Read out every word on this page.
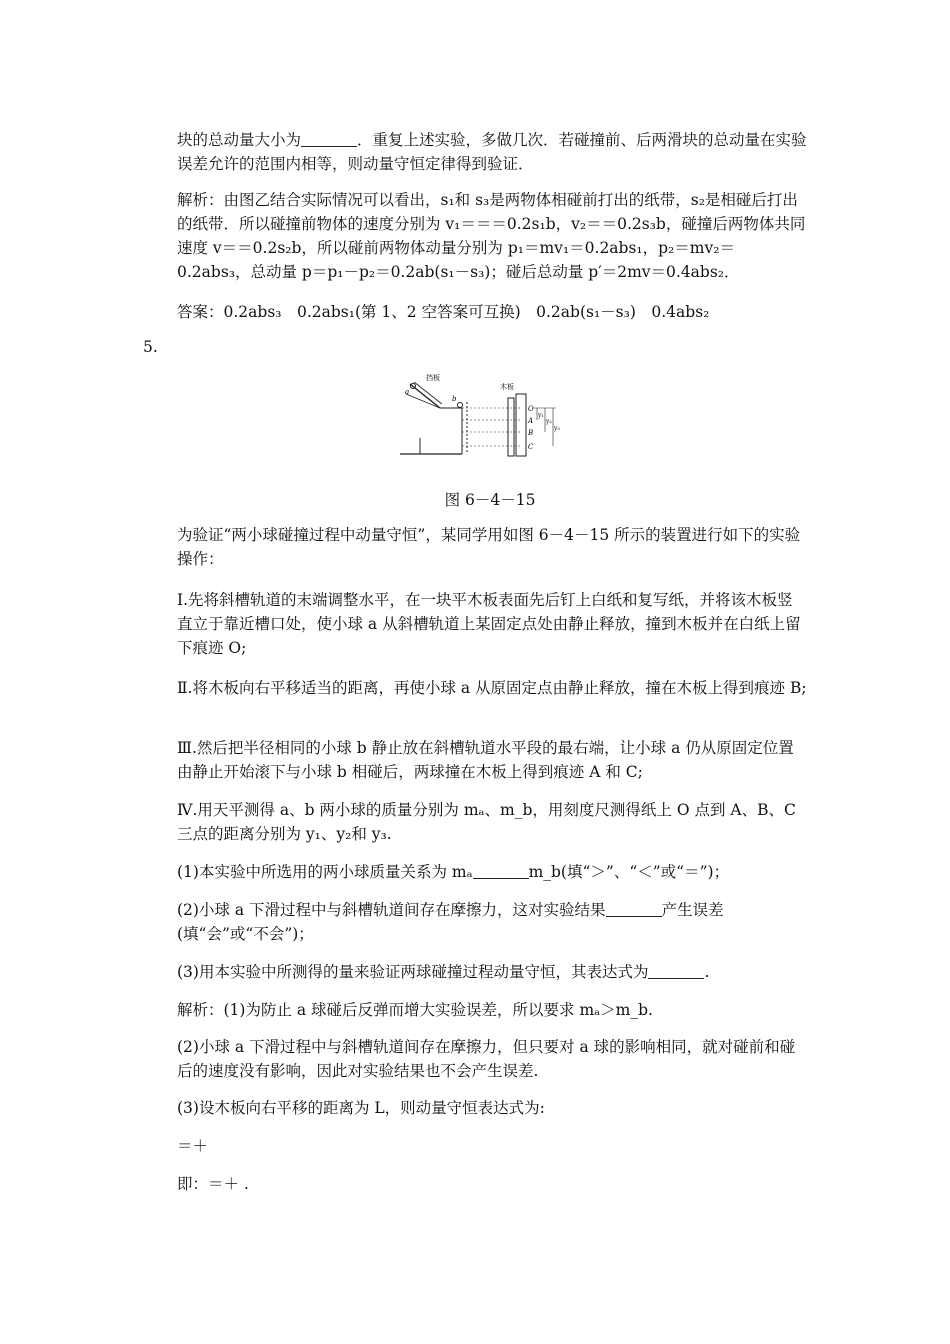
块的总动量大小为	．重复上述实验，多做几次．若碰撞前、后两滑块的总动量在实验误差允许的范围内相等，则动量守恒定律得到验证．

解析：由图乙结合实际情况可以看出，s₁和 s₃是两物体相碰前打出的纸带，s₂是相碰后打出的纸带．所以碰撞前物体的速度分别为 v₁＝＝＝0.2s₁b，v₂＝＝0.2s₃b，碰撞后两物体共同速度 v＝＝0.2s₂b，所以碰前两物体动量分别为 p₁＝mv₁＝0.2abs₁，p₂＝mv₂＝0.2abs₃，总动量 p＝p₁－p₂＝0.2ab(s₁－s₃)；碰后总动量 p′＝2mv＝0.4abs₂．

答案：0.2abs₃　0.2abs₁(第 1、2 空答案可互换)　0.2ab(s₁－s₃)　0.4abs₂

5.
a
b
挡板
木板
O
A
B
C
y₁
y₂
y₃
图 6－4－15

为验证“两小球碰撞过程中动量守恒”，某同学用如图 6－4－15 所示的装置进行如下的实验操作：

Ⅰ.先将斜槽轨道的末端调整水平，在一块平木板表面先后钉上白纸和复写纸，并将该木板竖直立于靠近槽口处，使小球 a 从斜槽轨道上某固定点处由静止释放，撞到木板并在白纸上留下痕迹 O;

Ⅱ.将木板向右平移适当的距离，再使小球 a 从原固定点由静止释放，撞在木板上得到痕迹 B;

Ⅲ.然后把半径相同的小球 b 静止放在斜槽轨道水平段的最右端，让小球 a 仍从原固定位置由静止开始滚下与小球 b 相碰后，两球撞在木板上得到痕迹 A 和 C;

Ⅳ.用天平测得 a、b 两小球的质量分别为 mₐ、m_b，用刻度尺测得纸上 O 点到 A、B、C 三点的距离分别为 y₁、y₂和 y₃.

(1)本实验中所选用的两小球质量关系为 mₐ	m_b(填“＞”、“＜”或“＝”)；

(2)小球 a 下滑过程中与斜槽轨道间存在摩擦力，这对实验结果	产生误差(填“会”或“不会”)；

(3)用本实验中所测得的量来验证两球碰撞过程动量守恒，其表达式为	.

解析：(1)为防止 a 球碰后反弹而增大实验误差，所以要求 mₐ＞m_b.

(2)小球 a 下滑过程中与斜槽轨道间存在摩擦力，但只要对 a 球的影响相同，就对碰前和碰后的速度没有影响，因此对实验结果也不会产生误差.

(3)设木板向右平移的距离为 L，则动量守恒表达式为:

＝＋

即：＝＋ .
